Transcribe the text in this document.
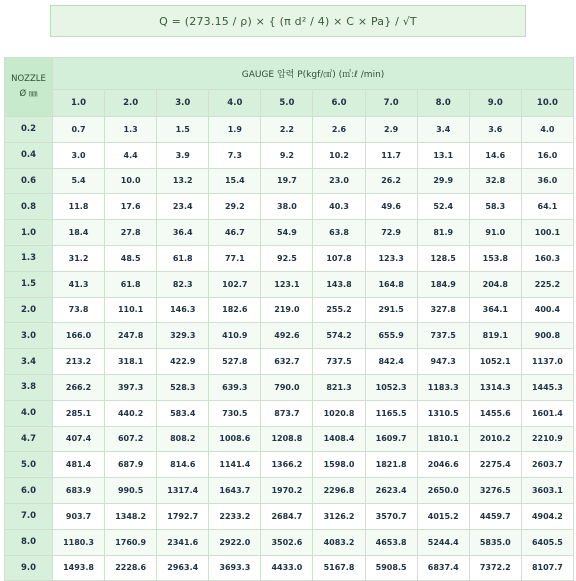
Q = (273.15 / ρ) × { (π d² / 4) × C × Pa} / √T
NOZZLE
Ø ㎜	GAUGE 압력 P(kgf/㎠) (㎥:ℓ /min)									
	1.0	2.0	3.0	4.0	5.0	6.0	7.0	8.0	9.0	10.0
0.2	0.7	1.3	1.5	1.9	2.2	2.6	2.9	3.4	3.6	4.0
0.4	3.0	4.4	3.9	7.3	9.2	10.2	11.7	13.1	14.6	16.0
0.6	5.4	10.0	13.2	15.4	19.7	23.0	26.2	29.9	32.8	36.0
0.8	11.8	17.6	23.4	29.2	38.0	40.3	49.6	52.4	58.3	64.1
1.0	18.4	27.8	36.4	46.7	54.9	63.8	72.9	81.9	91.0	100.1
1.3	31.2	48.5	61.8	77.1	92.5	107.8	123.3	128.5	153.8	160.3
1.5	41.3	61.8	82.3	102.7	123.1	143.8	164.8	184.9	204.8	225.2
2.0	73.8	110.1	146.3	182.6	219.0	255.2	291.5	327.8	364.1	400.4
3.0	166.0	247.8	329.3	410.9	492.6	574.2	655.9	737.5	819.1	900.8
3.4	213.2	318.1	422.9	527.8	632.7	737.5	842.4	947.3	1052.1	1137.0
3.8	266.2	397.3	528.3	639.3	790.0	821.3	1052.3	1183.3	1314.3	1445.3
4.0	285.1	440.2	583.4	730.5	873.7	1020.8	1165.5	1310.5	1455.6	1601.4
4.7	407.4	607.2	808.2	1008.6	1208.8	1408.4	1609.7	1810.1	2010.2	2210.9
5.0	481.4	687.9	814.6	1141.4	1366.2	1598.0	1821.8	2046.6	2275.4	2603.7
6.0	683.9	990.5	1317.4	1643.7	1970.2	2296.8	2623.4	2650.0	3276.5	3603.1
7.0	903.7	1348.2	1792.7	2233.2	2684.7	3126.2	3570.7	4015.2	4459.7	4904.2
8.0	1180.3	1760.9	2341.6	2922.0	3502.6	4083.2	4653.8	5244.4	5835.0	6405.5
9.0	1493.8	2228.6	2963.4	3693.3	4433.0	5167.8	5908.5	6837.4	7372.2	8107.7
